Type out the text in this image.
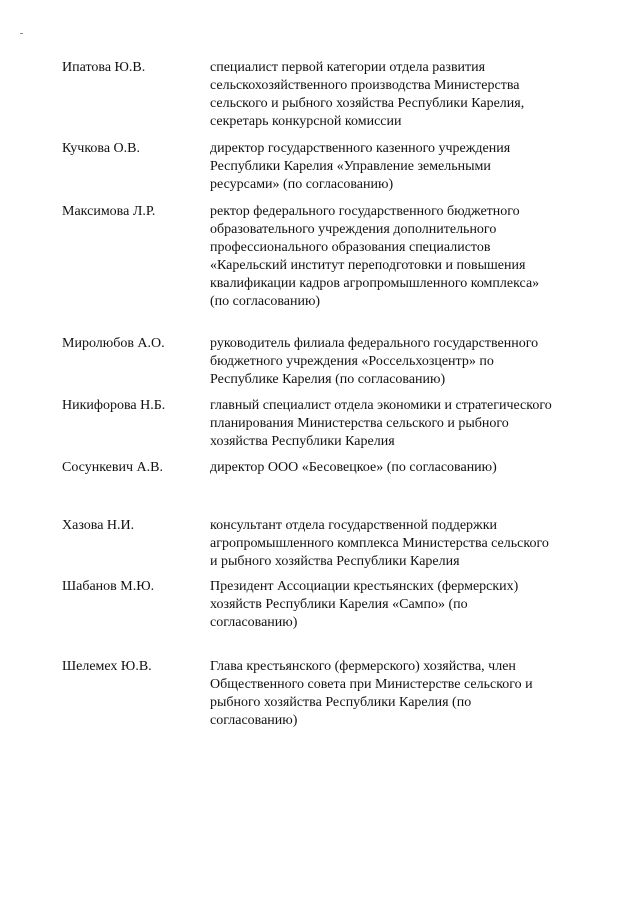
Ипатова Ю.В.	специалист первой категории отдела развития
сельскохозяйственного производства Министерства
сельского и рыбного хозяйства Республики Карелия,
секретарь конкурсной комиссии
Кучкова О.В.	директор государственного казенного учреждения
Республики Карелия «Управление земельными
ресурсами» (по согласованию)
Максимова Л.Р.	ректор федерального государственного бюджетного
образовательного учреждения дополнительного
профессионального образования специалистов
«Карельский институт переподготовки и повышения
квалификации кадров агропромышленного комплекса»
(по согласованию)
Миролюбов А.О.	руководитель филиала федерального государственного
бюджетного учреждения «Россельхозцентр» по
Республике Карелия (по согласованию)
Никифорова Н.Б.	главный специалист отдела экономики и стратегического
планирования Министерства сельского и рыбного
хозяйства Республики Карелия
Сосункевич А.В.	директор ООО «Бесовецкое» (по согласованию)
Хазова Н.И.	консультант отдела государственной поддержки
агропромышленного комплекса Министерства сельского
и рыбного хозяйства Республики Карелия
Шабанов М.Ю.	Президент Ассоциации крестьянских (фермерских)
хозяйств Республики Карелия «Сампо» (по
согласованию)
Шелемех Ю.В.	Глава крестьянского (фермерского) хозяйства, член
Общественного совета при Министерстве сельского и
рыбного хозяйства Республики Карелия (по
согласованию)
